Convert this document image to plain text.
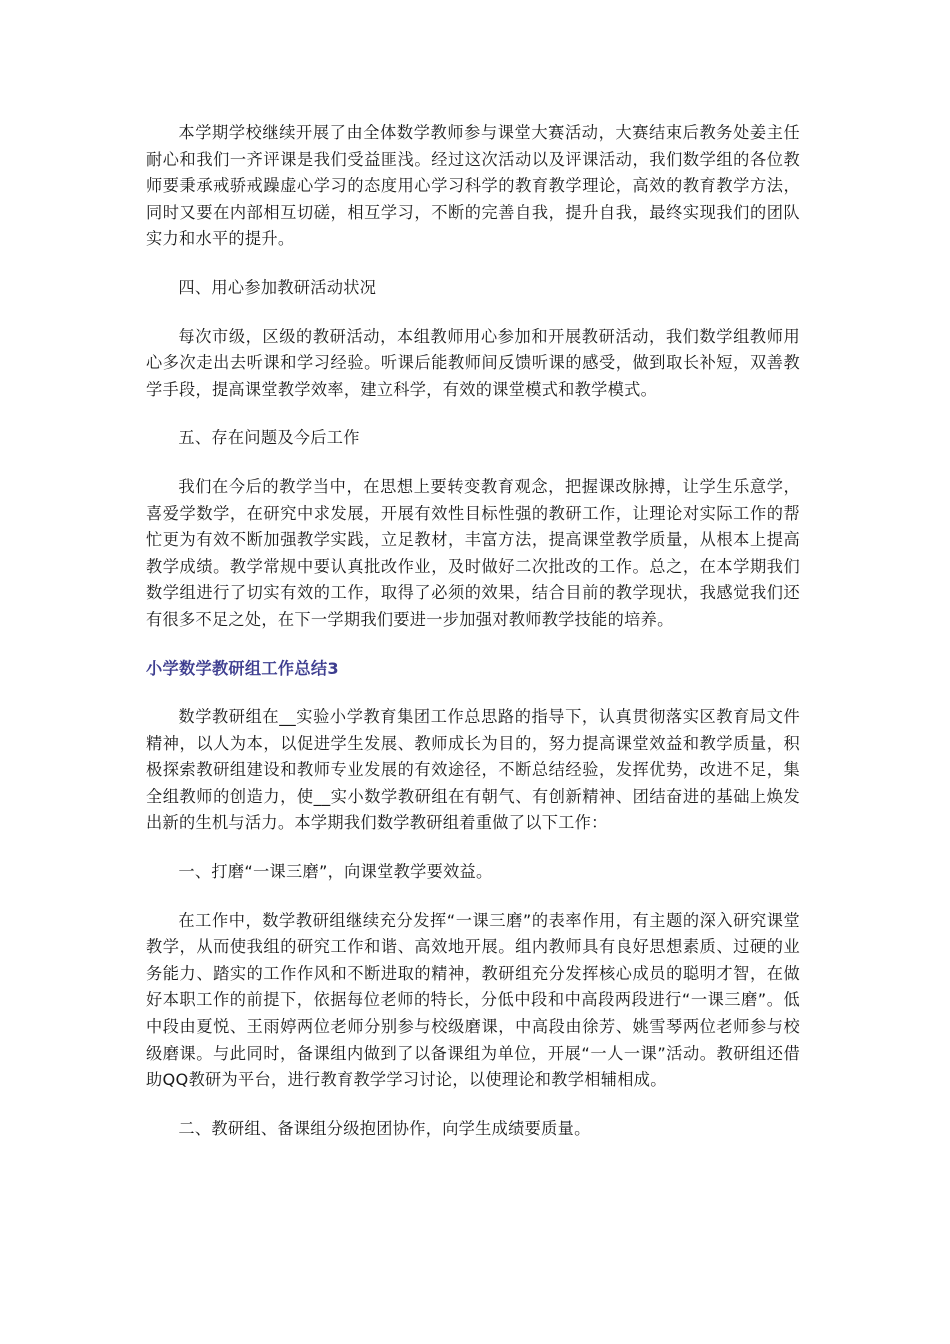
本学期学校继续开展了由全体数学教师参与课堂大赛活动，大赛结束后教务处姜主任耐心和我们一齐评课是我们受益匪浅。经过这次活动以及评课活动，我们数学组的各位教师要秉承戒骄戒躁虚心学习的态度用心学习科学的教育教学理论，高效的教育教学方法，同时又要在内部相互切磋，相互学习，不断的完善自我，提升自我，最终实现我们的团队实力和水平的提升。

四、用心参加教研活动状况

每次市级，区级的教研活动，本组教师用心参加和开展教研活动，我们数学组教师用心多次走出去听课和学习经验。听课后能教师间反馈听课的感受，做到取长补短，双善教学手段，提高课堂教学效率，建立科学，有效的课堂模式和教学模式。

五、存在问题及今后工作

我们在今后的教学当中，在思想上要转变教育观念，把握课改脉搏，让学生乐意学，喜爱学数学，在研究中求发展，开展有效性目标性强的教研工作，让理论对实际工作的帮忙更为有效不断加强教学实践，立足教材，丰富方法，提高课堂教学质量，从根本上提高教学成绩。教学常规中要认真批改作业，及时做好二次批改的工作。总之，在本学期我们数学组进行了切实有效的工作，取得了必须的效果，结合目前的教学现状，我感觉我们还有很多不足之处，在下一学期我们要进一步加强对教师教学技能的培养。

小学数学教研组工作总结3

数学教研组在__实验小学教育集团工作总思路的指导下，认真贯彻落实区教育局文件精神，以人为本，以促进学生发展、教师成长为目的，努力提高课堂效益和教学质量，积极探索教研组建设和教师专业发展的有效途径，不断总结经验，发挥优势，改进不足，集全组教师的创造力，使__实小数学教研组在有朝气、有创新精神、团结奋进的基础上焕发出新的生机与活力。本学期我们数学教研组着重做了以下工作：

一、打磨“一课三磨”，向课堂教学要效益。

在工作中，数学教研组继续充分发挥“一课三磨”的表率作用，有主题的深入研究课堂教学，从而使我组的研究工作和谐、高效地开展。组内教师具有良好思想素质、过硬的业务能力、踏实的工作作风和不断进取的精神，教研组充分发挥核心成员的聪明才智，在做好本职工作的前提下，依据每位老师的特长，分低中段和中高段两段进行“一课三磨”。低中段由夏悦、王雨婷两位老师分别参与校级磨课，中高段由徐芳、姚雪琴两位老师参与校级磨课。与此同时，备课组内做到了以备课组为单位，开展“一人一课”活动。教研组还借助QQ教研为平台，进行教育教学学习讨论，以使理论和教学相辅相成。

二、教研组、备课组分级抱团协作，向学生成绩要质量。
